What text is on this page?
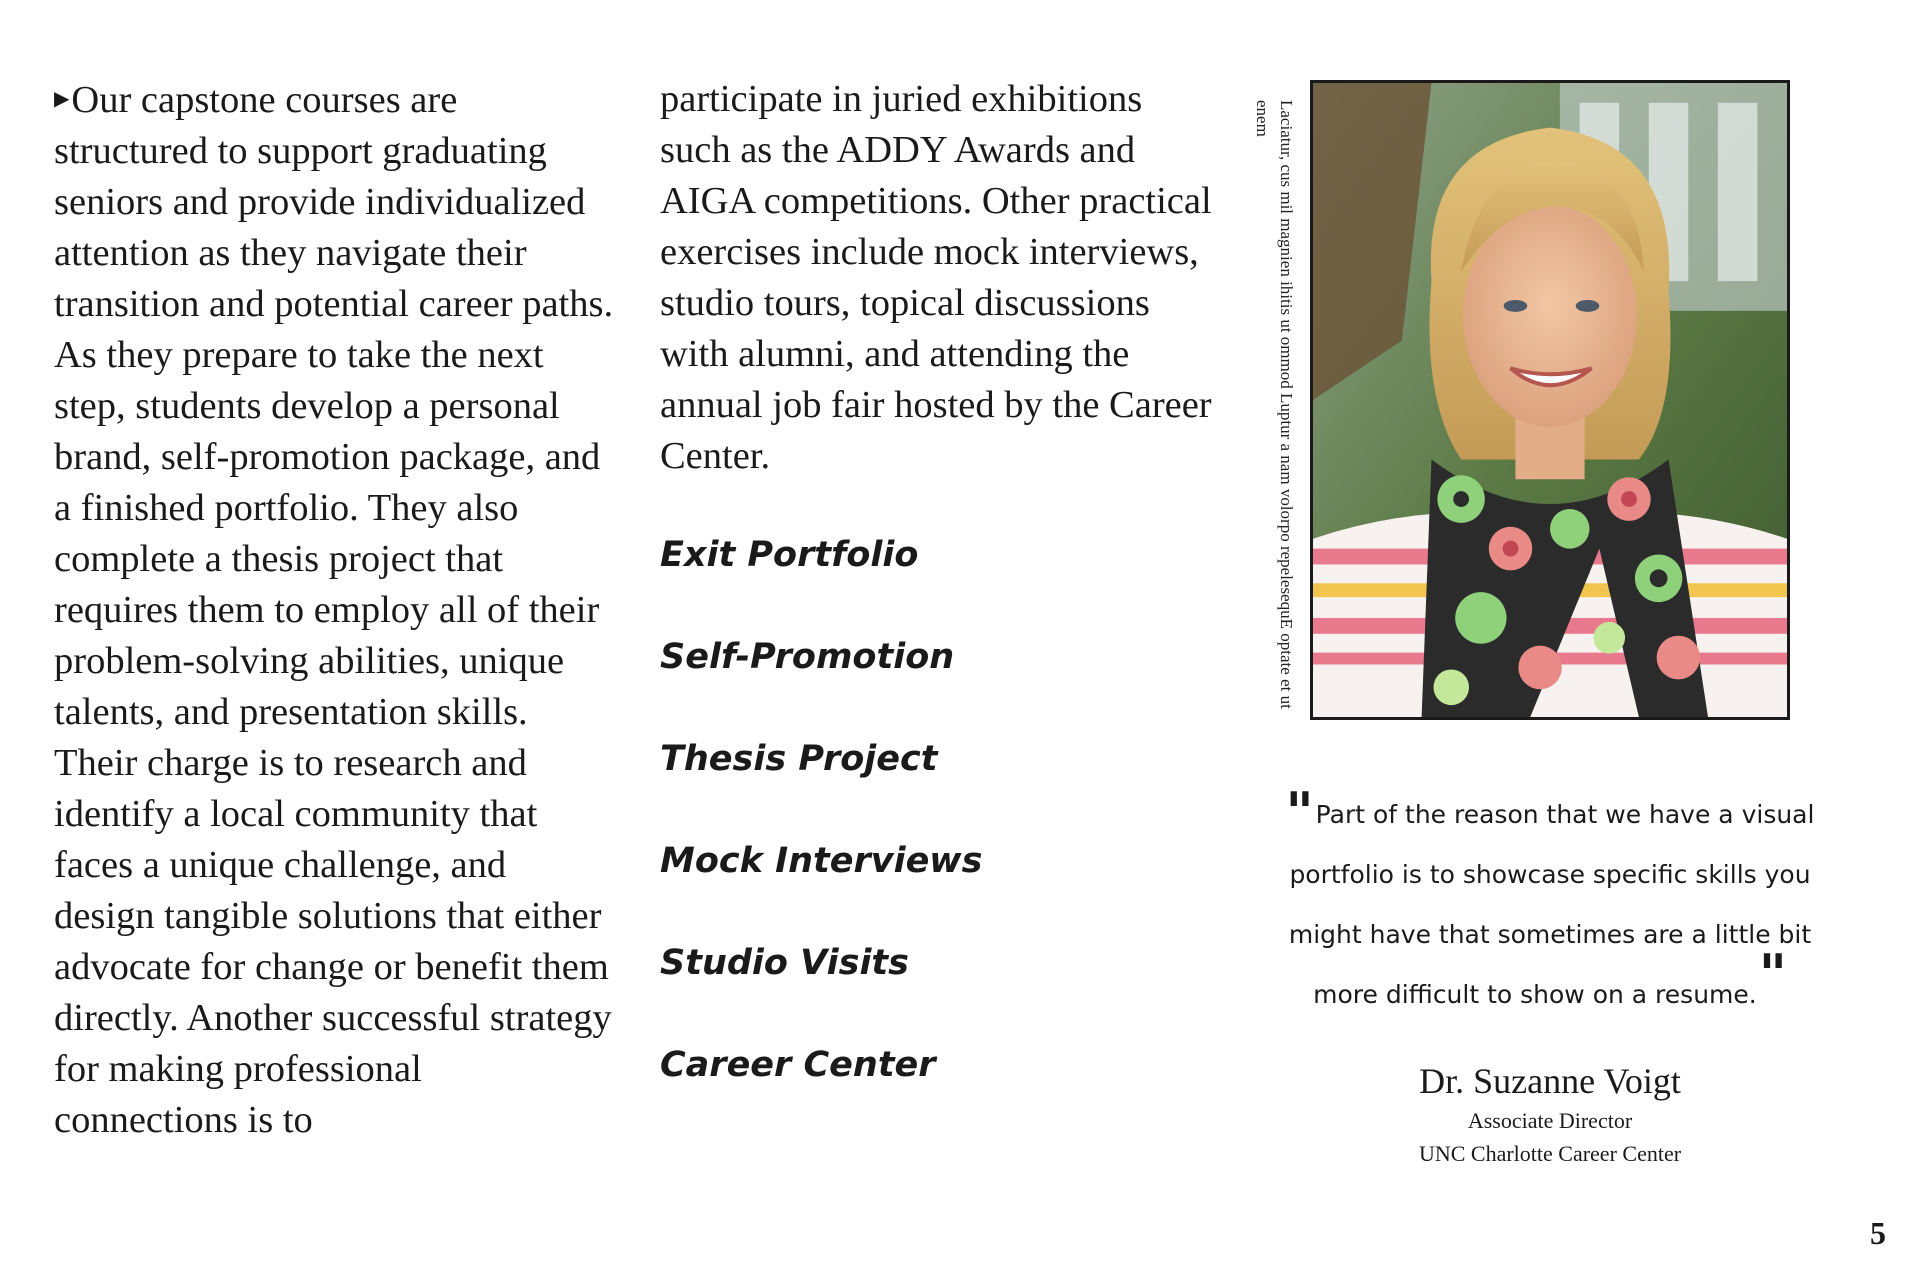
▶ Our capstone courses are structured to support graduating seniors and provide individualized attention as they navigate their transition and potential career paths. As they prepare to take the next step, students develop a personal brand, self-promotion package, and a finished portfolio. They also complete a thesis project that requires them to employ all of their problem-solving abilities, unique talents, and presentation skills. Their charge is to research and identify a local community that faces a unique challenge, and design tangible solutions that either advocate for change or benefit them directly. Another successful strategy for making professional connections is to
participate in juried exhibitions such as the ADDY Awards and AIGA competitions. Other practical exercises include mock interviews, studio tours, topical discussions with alumni, and attending the annual job fair hosted by the Career Center.
Exit Portfolio
Self-Promotion
Thesis Project
Mock Interviews
Studio Visits
Career Center
Laciatur, cus mil magnien ihitis ut ommod Luptur a nam volorpo repelesequE optate et ut enem
"Part of the reason that we have a visual portfolio is to showcase specific skills you might have that sometimes are a little bit more difficult to show on a resume."
Dr. Suzanne Voigt
Associate Director
UNC Charlotte Career Center
5
